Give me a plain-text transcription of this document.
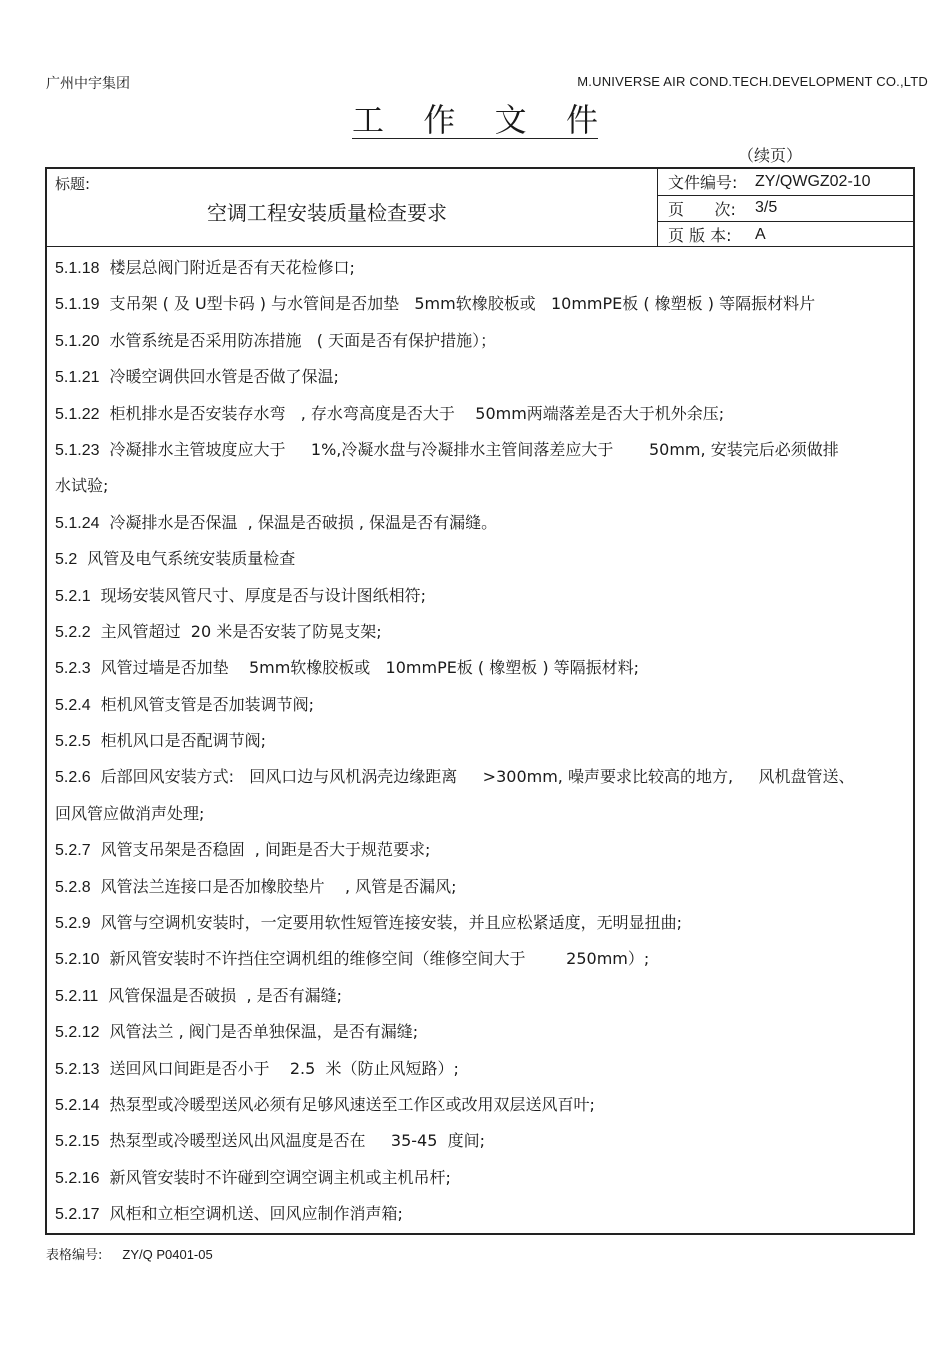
广州中宇集团	M.UNIVERSE AIR COND.TECH.DEVELOPMENT CO.,LTD
工 作 文 件
（续页）
标题:
空调工程安装质量检查要求
文件编号:	ZY/QWGZ02-10
页      次:	3/5
页 版 本:	A
5.1.18 楼层总阀门附近是否有天花检修口;
5.1.19 支吊架 ( 及 U型卡码 ) 与水管间是否加垫   5mm软橡胶板或   10mmPE板 ( 橡塑板 ) 等隔振材料片
5.1.20 水管系统是否采用防冻措施   ( 天面是否有保护措施）；
5.1.21 冷暖空调供回水管是否做了保温;
5.1.22 柜机排水是否安装存水弯   , 存水弯高度是否大于    50mm两端落差是否大于机外余压;
5.1.23 冷凝排水主管坡度应大于     1%,冷凝水盘与冷凝排水主管间落差应大于       50mm, 安装完后必须做排
水试验;
5.1.24 冷凝排水是否保温  , 保温是否破损 , 保温是否有漏缝。
5.2 风管及电气系统安装质量检查
5.2.1 现场安装风管尺寸、厚度是否与设计图纸相符;
5.2.2 主风管超过  20 米是否安装了防晃支架;
5.2.3 风管过墙是否加垫    5mm软橡胶板或   10mmPE板 ( 橡塑板 ) 等隔振材料;
5.2.4 柜机风管支管是否加装调节阀;
5.2.5 柜机风口是否配调节阀;
5.2.6 后部回风安装方式:   回风口边与风机涡壳边缘距离     >300mm, 噪声要求比较高的地方,     风机盘管送、
回风管应做消声处理;
5.2.7 风管支吊架是否稳固  , 间距是否大于规范要求;
5.2.8 风管法兰连接口是否加橡胶垫片    , 风管是否漏风;
5.2.9 风管与空调机安装时，一定要用软性短管连接安装，并且应松紧适度，无明显扭曲;
5.2.10 新风管安装时不许挡住空调机组的维修空间（维修空间大于        250mm）;
5.2.11 风管保温是否破损  , 是否有漏缝;
5.2.12 风管法兰 , 阀门是否单独保温，是否有漏缝;
5.2.13 送回风口间距是否小于    2.5  米（防止风短路）;
5.2.14 热泵型或冷暖型送风必须有足够风速送至工作区或改用双层送风百叶;
5.2.15 热泵型或冷暖型送风出风温度是否在     35-45  度间;
5.2.16 新风管安装时不许碰到空调空调主机或主机吊杆;
5.2.17 风柜和立柜空调机送、回风应制作消声箱;
表格编号: ZY/Q P0401-05
